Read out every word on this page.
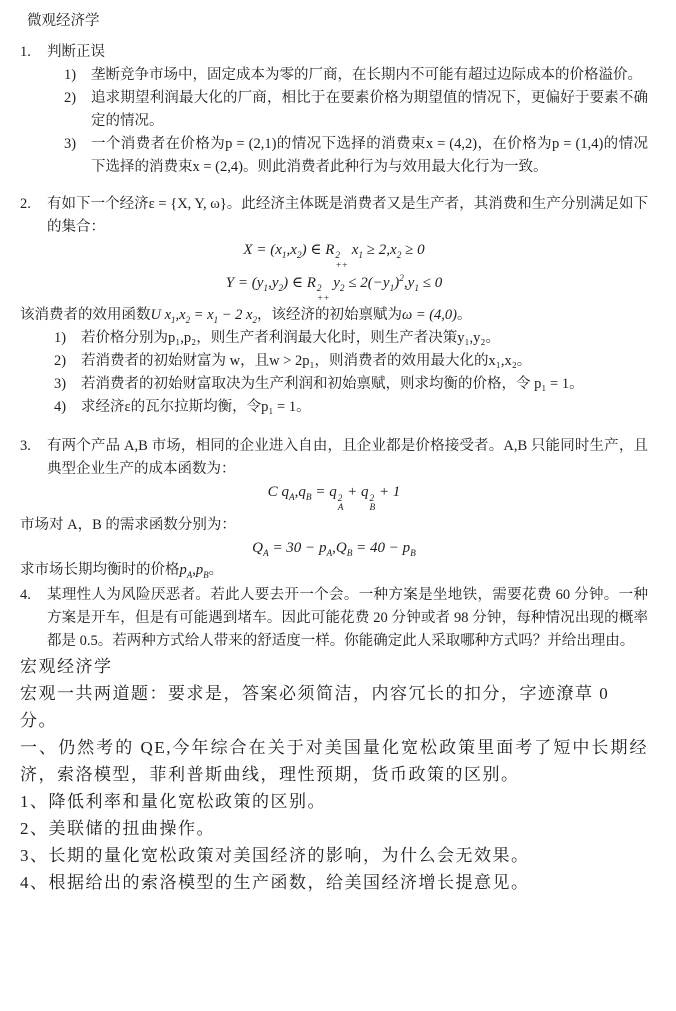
微观经济学
1.	判断正误
1)	垄断竞争市场中，固定成本为零的厂商，在长期内不可能有超过边际成本的价格溢价。
2)	追求期望利润最大化的厂商，相比于在要素价格为期望值的情况下，更偏好于要素不确定的情况。
3)	一个消费者在价格为p = (2,1)的情况下选择的消费束x = (4,2)，在价格为p = (1,4)的情况下选择的消费束x = (2,4)。则此消费者此种行为与效用最大化行为一致。
2.	有如下一个经济ε = {X, Y, ω}。此经济主体既是消费者又是生产者，其消费和生产分别满足如下的集合：
$X = (x_1,x_2)$ ∈ R 2
++
$x_1 \ge 2,x_2 \ge 0$
$Y = (y_1,y_2)$ ∈ R 2
++
$y_2 \le 2(-y_1)^2,y_1 \le 0$
该消费者的效用函数U $x_1,x_2 = x_1 - 2$ $x_2$，该经济的初始禀赋为ω = (4,0)。
1)	若价格分别为p₁,p₂，则生产者利润最大化时，则生产者决策y₁,y₂。
2)	若消费者的初始财富为 w，且w > 2p₁，则消费者的效用最大化的x₁,x₂。
3)	若消费者的初始财富取决为生产利润和初始禀赋，则求均衡的价格，令 p₁ = 1。
4)	求经济ε的瓦尔拉斯均衡，令p₁ = 1。
3.	有两个产品 A,B 市场，相同的企业进入自由，且企业都是价格接受者。A,B 只能同时生产，且典型企业生产的成本函数为：
C $q_A,q_B = q$ 2
A
+ q 2
B
+ 1
市场对 A，B 的需求函数分别为：
$Q_A = 30 - p_A,Q_B = 40 - p_B$
求市场长期均衡时的价格$p_A,p_B$。
4.	某理性人为风险厌恶者。若此人要去开一个会。一种方案是坐地铁，需要花费 60 分钟。一种方案是开车，但是有可能遇到堵车。因此可能花费 20 分钟或者 98 分钟，每种情况出现的概率都是 0.5。若两种方式给人带来的舒适度一样。你能确定此人采取哪种方式吗？并给出理由。

宏观经济学

宏观一共两道题：要求是，答案必须简洁，内容冗长的扣分，字迹潦草 0 分。

一、仍然考的 QE,今年综合在关于对美国量化宽松政策里面考了短中长期经济，索洛模型，菲利普斯曲线，理性预期，货币政策的区别。

1、降低利率和量化宽松政策的区别。

2、美联储的扭曲操作。

3、长期的量化宽松政策对美国经济的影响，为什么会无效果。

4、根据给出的索洛模型的生产函数，给美国经济增长提意见。
